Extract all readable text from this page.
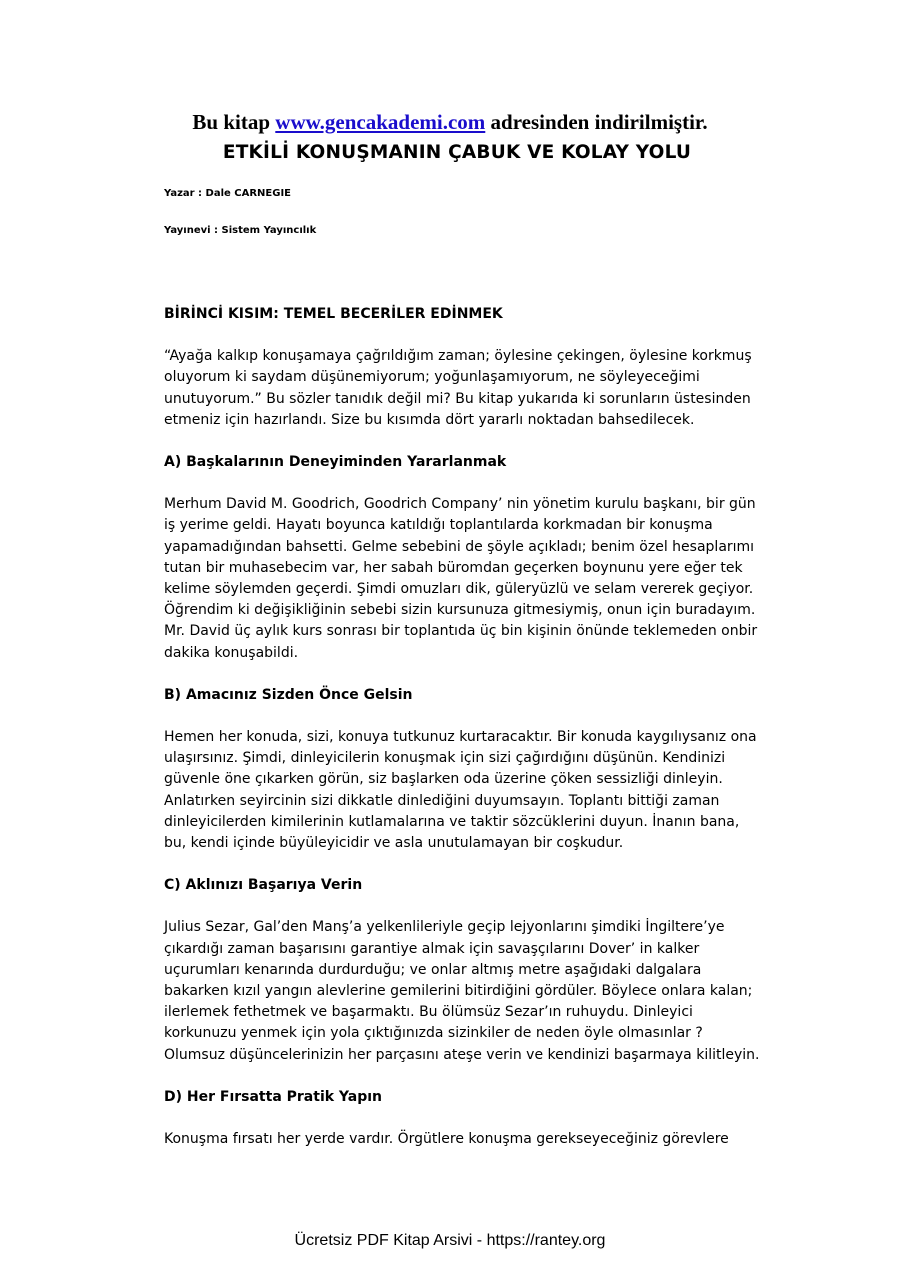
Bu kitap www.gencakademi.com adresinden indirilmiştir.
ETKİLİ KONUŞMANIN ÇABUK VE KOLAY YOLU
Yazar : Dale CARNEGIE
Yayınevi : Sistem Yayıncılık
BİRİNCİ KISIM: TEMEL BECERİLER EDİNMEK

“Ayağa kalkıp konuşamaya çağrıldığım zaman; öylesine çekingen, öylesine korkmuş oluyorum ki saydam düşünemiyorum; yoğunlaşamıyorum, ne söyleyeceğimi unutuyorum.” Bu sözler tanıdık değil mi? Bu kitap yukarıda ki sorunların üstesinden etmeniz için hazırlandı. Size bu kısımda dört yararlı noktadan bahsedilecek.

A) Başkalarının Deneyiminden Yararlanmak

Merhum David M. Goodrich, Goodrich Company’ nin yönetim kurulu başkanı, bir gün iş yerime geldi. Hayatı boyunca katıldığı toplantılarda korkmadan bir konuşma yapamadığından bahsetti. Gelme sebebini de şöyle açıkladı; benim özel hesaplarımı tutan bir muhasebecim var, her sabah büromdan geçerken boynunu yere eğer tek kelime söylemden geçerdi. Şimdi omuzları dik, güleryüzlü ve selam vererek geçiyor. Öğrendim ki değişikliğinin sebebi sizin kursunuza gitmesiymiş, onun için buradayım. Mr. David üç aylık kurs sonrası bir toplantıda üç bin kişinin önünde teklemeden onbir dakika konuşabildi.

B) Amacınız Sizden Önce Gelsin

Hemen her konuda, sizi, konuya tutkunuz kurtaracaktır. Bir konuda kaygılıysanız ona ulaşırsınız. Şimdi, dinleyicilerin konuşmak için sizi çağırdığını düşünün. Kendinizi güvenle öne çıkarken görün, siz başlarken oda üzerine çöken sessizliği dinleyin. Anlatırken seyircinin sizi dikkatle dinlediğini duyumsayın. Toplantı bittiği zaman dinleyicilerden kimilerinin kutlamalarına ve taktir sözcüklerini duyun. İnanın bana, bu, kendi içinde büyüleyicidir ve asla unutulamayan bir coşkudur.

C) Aklınızı Başarıya Verin

Julius Sezar, Gal’den Manş’a yelkenlileriyle geçip lejyonlarını şimdiki İngiltere’ye çıkardığı zaman başarısını garantiye almak için savaşçılarını Dover’ in kalker uçurumları kenarında durdurduğu; ve onlar altmış metre aşağıdaki dalgalara bakarken kızıl yangın alevlerine gemilerini bitirdiğini gördüler. Böylece onlara kalan; ilerlemek fethetmek ve başarmaktı. Bu ölümsüz Sezar’ın ruhuydu. Dinleyici korkunuzu yenmek için yola çıktığınızda sizinkiler de neden öyle olmasınlar ? Olumsuz düşüncelerinizin her parçasını ateşe verin ve kendinizi başarmaya kilitleyin.

D) Her Fırsatta Pratik Yapın

Konuşma fırsatı her yerde vardır. Örgütlere konuşma gerekseyeceğiniz görevlere

Ücretsiz PDF Kitap Arsivi - https://rantey.org
